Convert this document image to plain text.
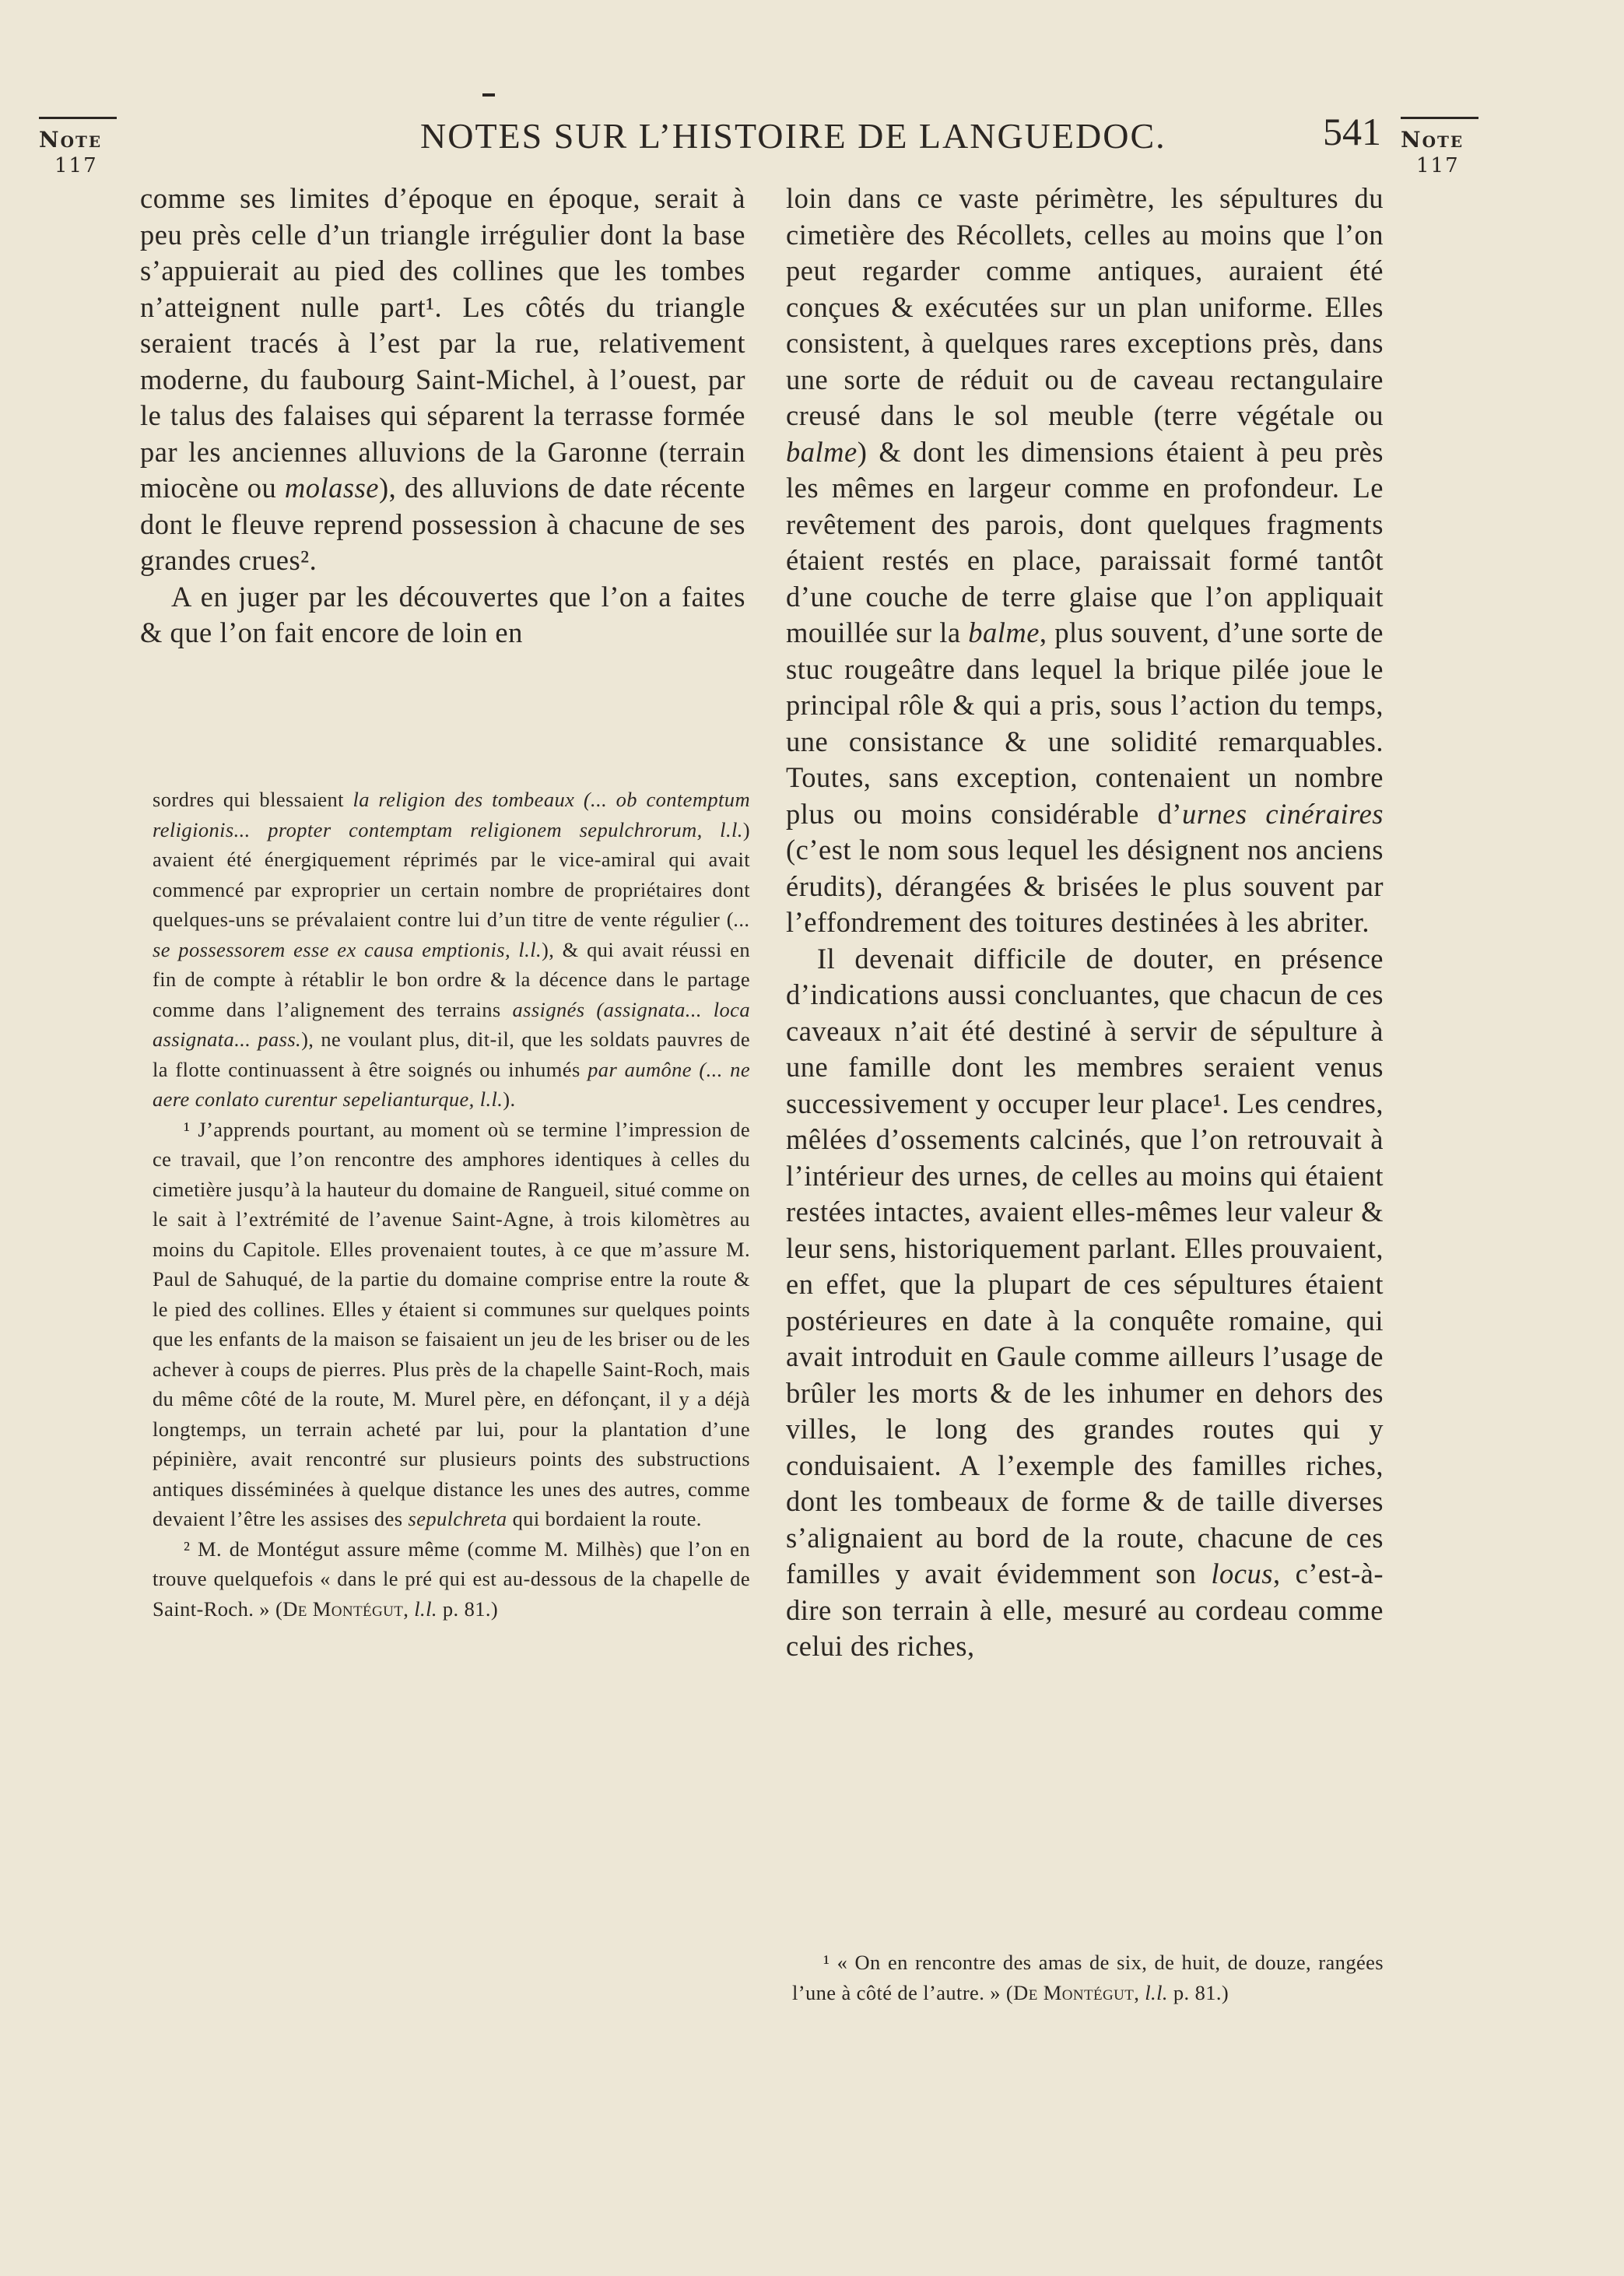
Note
117
Note
117
NOTES SUR L’HISTOIRE DE LANGUEDOC.	541

comme ses limites d’époque en époque, serait à peu près celle d’un triangle irrégulier dont la base s’appuierait au pied des collines que les tombes n’atteignent nulle part¹. Les côtés du triangle seraient tracés à l’est par la rue, relativement moderne, du faubourg Saint-Michel, à l’ouest, par le talus des falaises qui séparent la terrasse formée par les anciennes alluvions de la Garonne (terrain miocène ou molasse), des alluvions de date récente dont le fleuve reprend possession à chacune de ses grandes crues².

A en juger par les découvertes que l’on a faites & que l’on fait encore de loin en

sordres qui blessaient la religion des tombeaux (... ob contemptum religionis... propter contemptam religionem sepulchrorum, l.l.) avaient été énergiquement réprimés par le vice-amiral qui avait commencé par exproprier un certain nombre de propriétaires dont quelques-uns se prévalaient contre lui d’un titre de vente régulier (... se possessorem esse ex causa emptionis, l.l.), & qui avait réussi en fin de compte à rétablir le bon ordre & la décence dans le partage comme dans l’alignement des terrains assignés (assignata... loca assignata... pass.), ne voulant plus, dit-il, que les soldats pauvres de la flotte continuassent à être soignés ou inhumés par aumône (... ne aere conlato curentur sepelianturque, l.l.).

¹ J’apprends pourtant, au moment où se termine l’impression de ce travail, que l’on rencontre des amphores identiques à celles du cimetière jusqu’à la hauteur du domaine de Rangueil, situé comme on le sait à l’extrémité de l’avenue Saint-Agne, à trois kilomètres au moins du Capitole. Elles provenaient toutes, à ce que m’assure M. Paul de Sahuqué, de la partie du domaine comprise entre la route & le pied des collines. Elles y étaient si communes sur quelques points que les enfants de la maison se faisaient un jeu de les briser ou de les achever à coups de pierres. Plus près de la chapelle Saint-Roch, mais du même côté de la route, M. Murel père, en défonçant, il y a déjà longtemps, un terrain acheté par lui, pour la plantation d’une pépinière, avait rencontré sur plusieurs points des substructions antiques disséminées à quelque distance les unes des autres, comme devaient l’être les assises des sepulchreta qui bordaient la route.

² M. de Montégut assure même (comme M. Milhès) que l’on en trouve quelquefois « dans le pré qui est au-dessous de la chapelle de Saint-Roch. » (De Montégut, l.l. p. 81.)

loin dans ce vaste périmètre, les sépultures du cimetière des Récollets, celles au moins que l’on peut regarder comme antiques, auraient été conçues & exécutées sur un plan uniforme. Elles consistent, à quelques rares exceptions près, dans une sorte de réduit ou de caveau rectangulaire creusé dans le sol meuble (terre végétale ou balme) & dont les dimensions étaient à peu près les mêmes en largeur comme en profondeur. Le revêtement des parois, dont quelques fragments étaient restés en place, paraissait formé tantôt d’une couche de terre glaise que l’on appliquait mouillée sur la balme, plus souvent, d’une sorte de stuc rougeâtre dans lequel la brique pilée joue le principal rôle & qui a pris, sous l’action du temps, une consistance & une solidité remarquables. Toutes, sans exception, contenaient un nombre plus ou moins considérable d’urnes cinéraires (c’est le nom sous lequel les désignent nos anciens érudits), dérangées & brisées le plus souvent par l’effondrement des toitures destinées à les abriter.

Il devenait difficile de douter, en présence d’indications aussi concluantes, que chacun de ces caveaux n’ait été destiné à servir de sépulture à une famille dont les membres seraient venus successivement y occuper leur place¹. Les cendres, mêlées d’ossements calcinés, que l’on retrouvait à l’intérieur des urnes, de celles au moins qui étaient restées intactes, avaient elles-mêmes leur valeur & leur sens, historiquement parlant. Elles prouvaient, en effet, que la plupart de ces sépultures étaient postérieures en date à la conquête romaine, qui avait introduit en Gaule comme ailleurs l’usage de brûler les morts & de les inhumer en dehors des villes, le long des grandes routes qui y conduisaient. A l’exemple des familles riches, dont les tombeaux de forme & de taille diverses s’alignaient au bord de la route, chacune de ces familles y avait évidemment son locus, c’est-à-dire son terrain à elle, mesuré au cordeau comme celui des riches,

¹ « On en rencontre des amas de six, de huit, de douze, rangées l’une à côté de l’autre. » (De Montégut, l.l. p. 81.)
